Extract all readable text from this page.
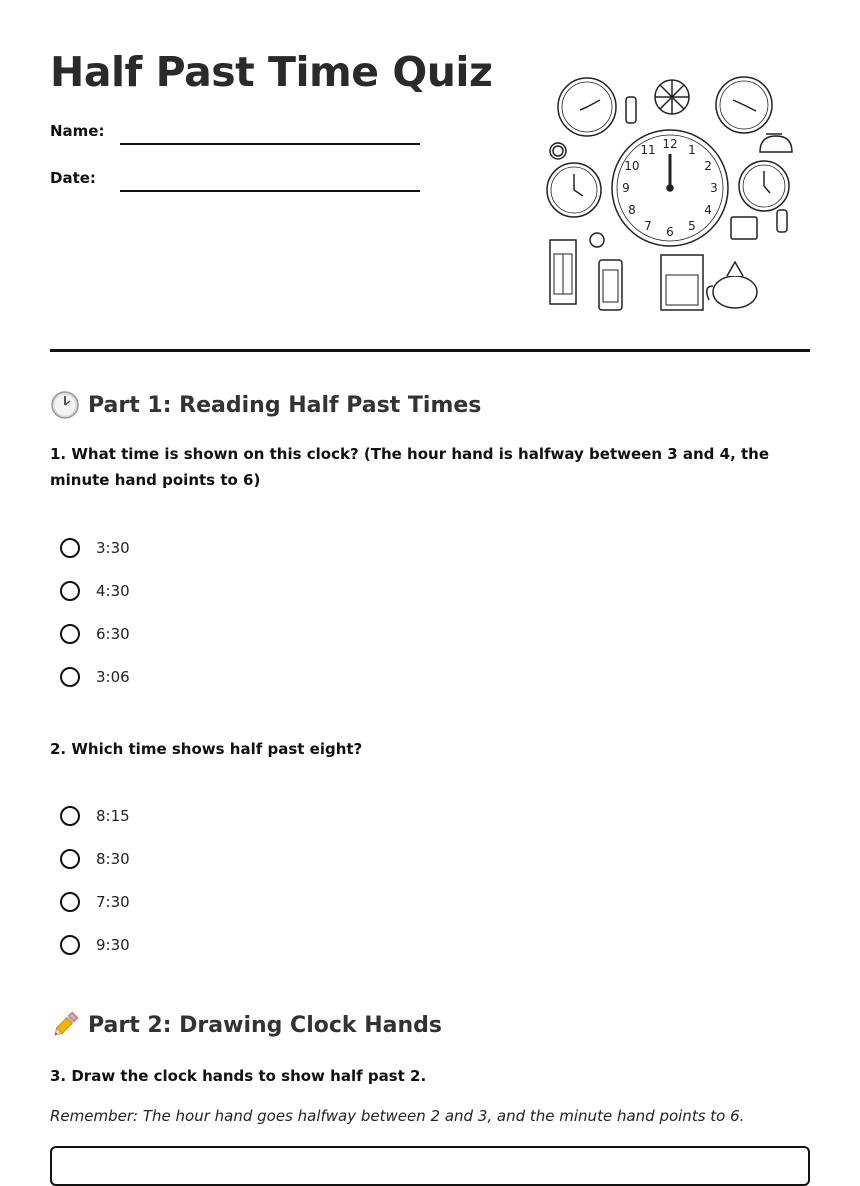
Half Past Time Quiz
Name:
Date:
12 1
2
3
4
5
6
7
8
9
10
11
Part 1: Reading Half Past Times

1. What time is shown on this clock? (The hour hand is halfway between 3 and 4, the minute hand points to 6)

3:30
4:30
6:30
3:06

2. Which time shows half past eight?

8:15
8:30
7:30
9:30
Part 2: Drawing Clock Hands

3. Draw the clock hands to show half past 2.

Remember: The hour hand goes halfway between 2 and 3, and the minute hand points to 6.
